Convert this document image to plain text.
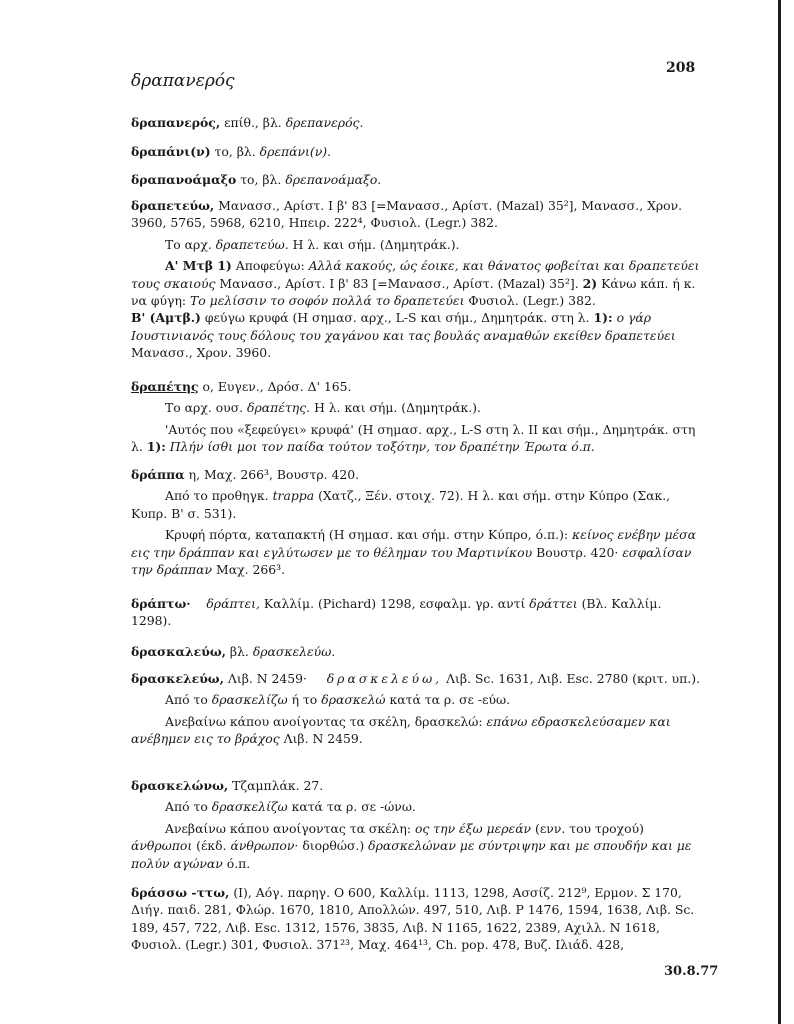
δραπανερός
208

δραπανερός, επίθ., βλ. δρεπανερός.

δραπάνι(ν) το, βλ. δρεπάνι(ν).

δραπανοάμαξο το, βλ. δρεπανοάμαξο.

δραπετεύω, Μανασσ., Αρίστ. Ι β' 83 [=Μανασσ., Αρίστ. (Mazal) 35²], Μανασσ., Χρον. 3960, 5765, 5968, 6210, Ηπειρ. 222⁴, Φυσιολ. (Legr.) 382.

Το αρχ. δραπετεύω. Η λ. και σήμ. (Δημητράκ.).

Α' Μτβ 1) Αποφεύγω: Αλλά κακούς, ώς έοικε, και θάνατος φοβείται και δραπετεύει τους σκαιούς Μανασσ., Αρίστ. Ι β' 83 [=Μανασσ., Αρίστ. (Mazal) 35²]. 2) Κάνω κάπ. ή κ. να φύγη: Το μελίσσιν το σοφόν πολλά το δραπετεύει Φυσιολ. (Legr.) 382.

Β' (Αμτβ.) φεύγω κρυφά (Η σημασ. αρχ., L-S και σήμ., Δημητράκ. στη λ. 1): ο γάρ Ιουστινιανός τους δόλους του χαγάνου και τας βουλάς αναμαθών εκείθεν δραπετεύει Μανασσ., Χρον. 3960.

δραπέτης ο, Ευγεν., Δρόσ. Δ' 165.

Το αρχ. ουσ. δραπέτης. Η λ. και σήμ. (Δημητράκ.).

'Αυτός που «ξεφεύγει» κρυφά' (Η σημασ. αρχ., L-S στη λ. ΙΙ και σήμ., Δημητράκ. στη λ. 1): Πλήν ίσθι μοι τον παίδα τούτον τοξότην, τον δραπέτην Έρωτα ό.π.

δράππα η, Μαχ. 266³, Βουστρ. 420.

Από το προθηγκ. trappa (Χατζ., Ξέν. στοιχ. 72). Η λ. και σήμ. στην Κύπρο (Σακ., Κυπρ. Β' σ. 531).

Κρυφή πόρτα, καταπακτή (Η σημασ. και σήμ. στην Κύπρο, ό.π.): κείνος ενέβην μέσα εις την δράππαν και εγλύτωσεν με το θέλημαν του Μαρτινίκου Βουστρ. 420· εσφαλίσαν την δράππαν Μαχ. 266³.

δράπτω· δράπτει, Καλλίμ. (Pichard) 1298, εσφαλμ. γρ. αντί δράττει (Βλ. Καλλίμ. 1298).

δρασκαλεύω, βλ. δρασκελεύω.

δρασκελεύω, Λιβ. Ν 2459· δρασκελεύω, Λιβ. Sc. 1631, Λιβ. Esc. 2780 (κριτ. υπ.).

Από το δρασκελίζω ή το δρασκελώ κατά τα ρ. σε -εύω.

Ανεβαίνω κάπου ανοίγοντας τα σκέλη, δρασκελώ: επάνω εδρασκελεύσαμεν και ανέβημεν εις το βράχος Λιβ. Ν 2459.

δρασκελώνω, Τζαμπλάκ. 27.

Από το δρασκελίζω κατά τα ρ. σε -ώνω.

Ανεβαίνω κάπου ανοίγοντας τα σκέλη: ος την έξω μερεάν (ενν. του τροχού) άνθρωποι (έκδ. άνθρωπον· διορθώσ.) δρασκελώναν με σύντριψην και με σπουδήν και με πολύν αγώναν ό.π.

δράσσω -ττω, (Ι), Αόγ. παρηγ. Ο 600, Καλλίμ. 1113, 1298, Ασσίζ. 212⁹, Ερμον. Σ 170, Διήγ. παιδ. 281, Φλώρ. 1670, 1810, Απολλών. 497, 510, Λιβ. Ρ 1476, 1594, 1638, Λιβ. Sc. 189, 457, 722, Λιβ. Esc. 1312, 1576, 3835, Λιβ. Ν 1165, 1622, 2389, Αχιλλ. Ν 1618, Φυσιολ. (Legr.) 301, Φυσιολ. 371²³, Μαχ. 464¹³, Ch. pop. 478, Βυζ. Ιλιάδ. 428,

30.8.77
